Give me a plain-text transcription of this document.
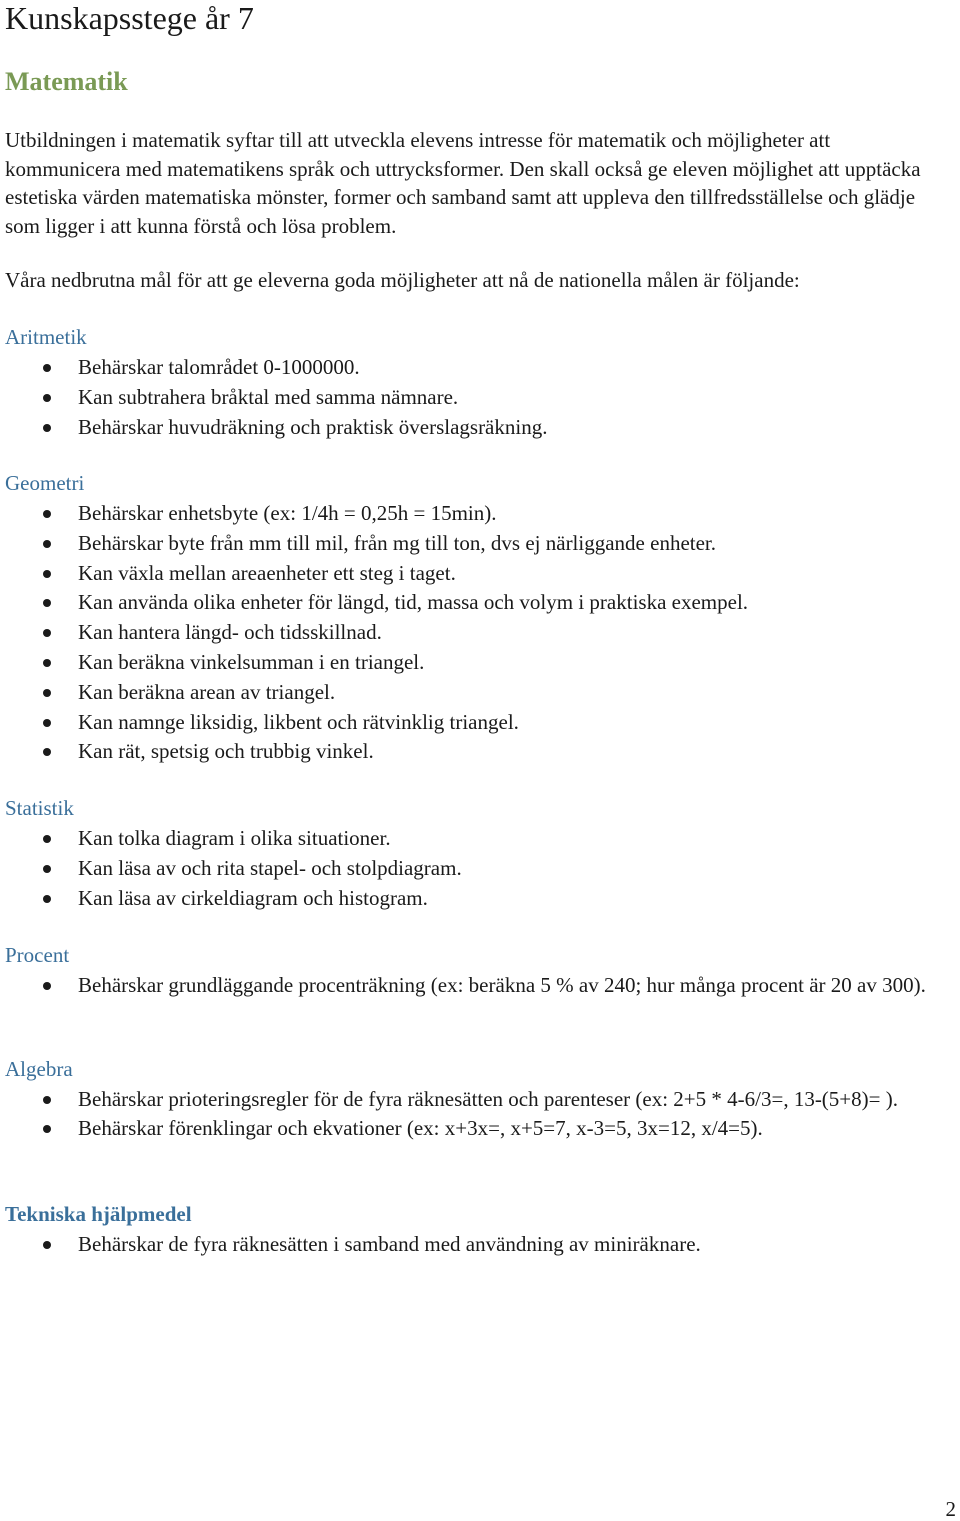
Kunskapsstege år 7
Matematik

Utbildningen i matematik syftar till att utveckla elevens intresse för matematik och möjligheter att kommunicera med matematikens språk och uttrycksformer. Den skall också ge eleven möjlighet att upptäcka estetiska värden matematiska mönster, former och samband samt att uppleva den tillfredsställelse och glädje som ligger i att kunna förstå och lösa problem.

Våra nedbrutna mål för att ge eleverna goda möjligheter att nå de nationella målen är följande:

Aritmetik
Behärskar talområdet 0-1000000.
Kan subtrahera bråktal med samma nämnare.
Behärskar huvudräkning och praktisk överslagsräkning.
Geometri
Behärskar enhetsbyte (ex: 1/4h = 0,25h = 15min).
Behärskar byte från mm till mil, från mg till ton, dvs ej närliggande enheter.
Kan växla mellan areaenheter ett steg i taget.
Kan använda olika enheter för längd, tid, massa och volym i praktiska exempel.
Kan hantera längd- och tidsskillnad.
Kan beräkna vinkelsumman i en triangel.
Kan beräkna arean av triangel.
Kan namnge liksidig, likbent och rätvinklig triangel.
Kan rät, spetsig och trubbig vinkel.
Statistik
Kan tolka diagram i olika situationer.
Kan läsa av och rita stapel- och stolpdiagram.
Kan läsa av cirkeldiagram och histogram.
Procent
Behärskar grundläggande procenträkning (ex: beräkna 5 % av 240; hur många procent är 20 av 300).
Algebra
Behärskar prioteringsregler för de fyra räknesätten och parenteser (ex: 2+5 * 4-6/3=, 13-(5+8)= ).
Behärskar förenklingar och ekvationer (ex: x+3x=, x+5=7, x-3=5, 3x=12, x/4=5).
Tekniska hjälpmedel
Behärskar de fyra räknesätten i samband med användning av miniräknare.
2
